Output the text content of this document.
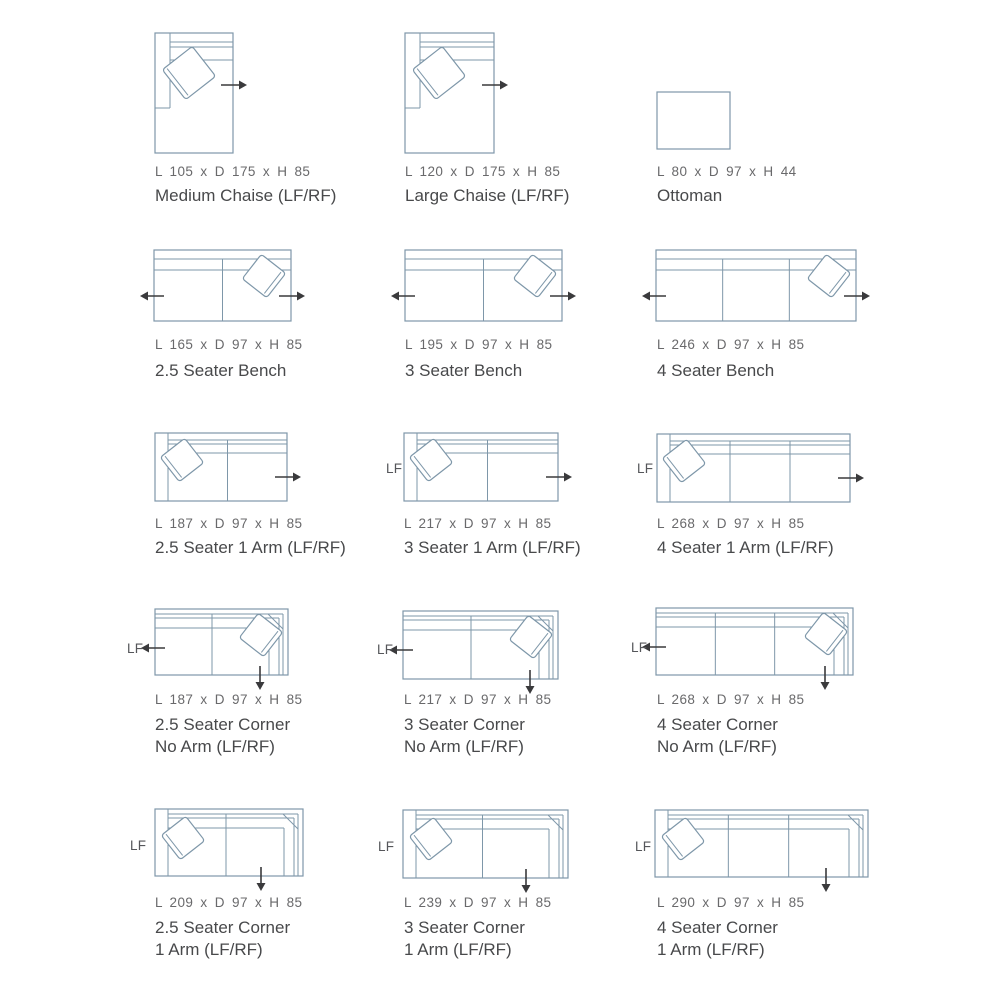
L 105 x D 175 x H 85
Medium Chaise (LF/RF)
L 120 x D 175 x H 85
Large Chaise (LF/RF)
L 80 x D 97 x H 44
Ottoman
L 165 x D 97 x H 85
2.5 Seater Bench
L 195 x D 97 x H 85
3 Seater Bench
L 246 x D 97 x H 85
4 Seater Bench
L 187 x D 97 x H 85
2.5 Seater 1 Arm (LF/RF)
LF
L 217 x D 97 x H 85
3 Seater 1 Arm (LF/RF)
LF
L 268 x D 97 x H 85
4 Seater 1 Arm (LF/RF)
LF
L 187 x D 97 x H 85
2.5 Seater Corner
No Arm (LF/RF)
LF
L 217 x D 97 x H 85
3 Seater Corner
No Arm (LF/RF)
LF
L 268 x D 97 x H 85
4 Seater Corner
No Arm (LF/RF)
LF
L 209 x D 97 x H 85
2.5 Seater Corner
1 Arm (LF/RF)
LF
L 239 x D 97 x H 85
3 Seater Corner
1 Arm (LF/RF)
LF
L 290 x D 97 x H 85
4 Seater Corner
1 Arm (LF/RF)
